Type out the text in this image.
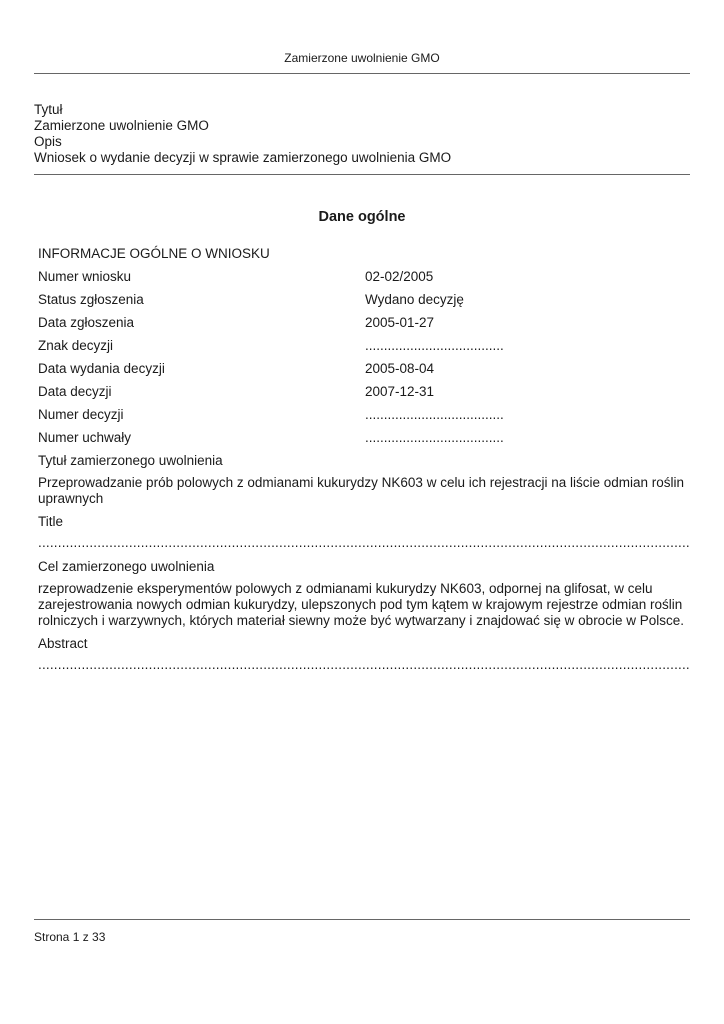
Zamierzone uwolnienie GMO
Tytuł
Zamierzone uwolnienie GMO
Opis
Wniosek o wydanie decyzji w sprawie zamierzonego uwolnienia GMO
Dane ogólne
INFORMACJE OGÓLNE O WNIOSKU
Numer wniosku	02-02/2005
Status zgłoszenia	Wydano decyzję
Data zgłoszenia	2005-01-27
Znak decyzji	.....................................
Data wydania decyzji	2005-08-04
Data decyzji	2007-12-31
Numer decyzji	.....................................
Numer uchwały	.....................................
Tytuł zamierzonego uwolnienia
Przeprowadzanie prób polowych z odmianami kukurydzy NK603 w celu ich rejestracji na liście odmian roślin uprawnych
Title
.....................................................................................................................................................................
Cel zamierzonego uwolnienia
rzeprowadzenie eksperymentów polowych z odmianami kukurydzy NK603, odpornej na glifosat, w celu zarejestrowania nowych odmian kukurydzy, ulepszonych pod tym kątem w krajowym rejestrze odmian roślin rolniczych i warzywnych, których materiał siewny może być wytwarzany i znajdować się w obrocie w Polsce.
Abstract
.....................................................................................................................................................................
Strona 1 z 33
